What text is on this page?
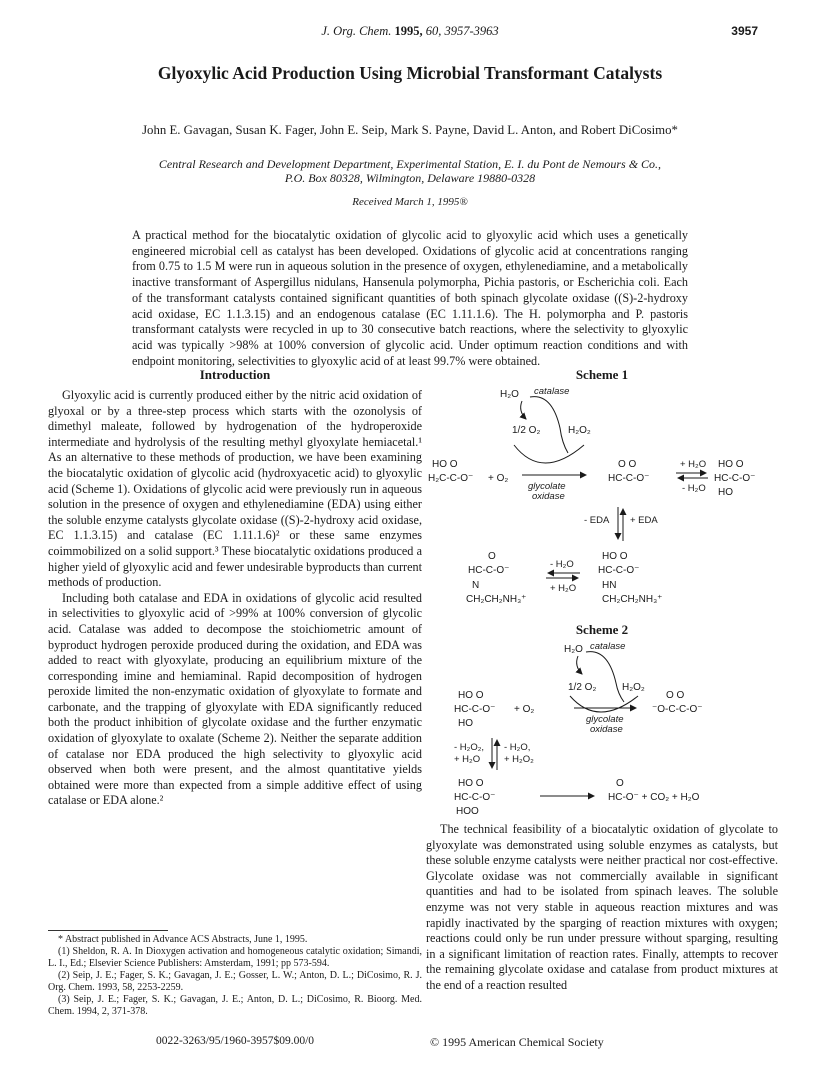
J. Org. Chem. 1995, 60, 3957-3963	3957
Glyoxylic Acid Production Using Microbial Transformant Catalysts
John E. Gavagan, Susan K. Fager, John E. Seip, Mark S. Payne, David L. Anton, and Robert DiCosimo*
Central Research and Development Department, Experimental Station, E. I. du Pont de Nemours & Co.,
P.O. Box 80328, Wilmington, Delaware 19880-0328
Received March 1, 1995®
A practical method for the biocatalytic oxidation of glycolic acid to glyoxylic acid which uses a genetically engineered microbial cell as catalyst has been developed. Oxidations of glycolic acid at concentrations ranging from 0.75 to 1.5 M were run in aqueous solution in the presence of oxygen, ethylenediamine, and a metabolically inactive transformant of Aspergillus nidulans, Hansenula polymorpha, Pichia pastoris, or Escherichia coli. Each of the transformant catalysts contained significant quantities of both spinach glycolate oxidase ((S)-2-hydroxy acid oxidase, EC 1.1.3.15) and an endogenous catalase (EC 1.11.1.6). The H. polymorpha and P. pastoris transformant catalysts were recycled in up to 30 consecutive batch reactions, where the selectivity to glyoxylic acid was typically >98% at 100% conversion of glycolic acid. Under optimum reaction conditions and with endpoint monitoring, selectivities to glyoxylic acid of at least 99.7% were obtained.
Introduction

Glyoxylic acid is currently produced either by the nitric acid oxidation of glyoxal or by a three-step process which starts with the ozonolysis of dimethyl maleate, followed by hydrogenation of the hydroperoxide intermediate and hydrolysis of the resulting methyl glyoxylate hemiacetal.¹ As an alternative to these methods of production, we have been examining the biocatalytic oxidation of glycolic acid (hydroxyacetic acid) to glyoxylic acid (Scheme 1). Oxidations of glycolic acid were previously run in aqueous solution in the presence of oxygen and ethylenediamine (EDA) using either the soluble enzyme catalysts glycolate oxidase ((S)-2-hydroxy acid oxidase, EC 1.1.3.15) and catalase (EC 1.11.1.6)² or these same enzymes coimmobilized on a solid support.³ These biocatalytic oxidations produced a higher yield of glyoxylic acid and fewer undesirable byproducts than current methods of production.

Including both catalase and EDA in oxidations of glycolic acid resulted in selectivities to glyoxylic acid of >99% at 100% conversion of glycolic acid. Catalase was added to decompose the stoichiometric amount of byproduct hydrogen peroxide produced during the oxidation, and EDA was added to react with glyoxylate, producing an equilibrium mixture of the corresponding imine and hemiaminal. Rapid decomposition of hydrogen peroxide limited the non-enzymatic oxidation of glyoxylate to formate and carbonate, and the trapping of glyoxylate with EDA significantly reduced both the product inhibition of glycolate oxidase and the further enzymatic oxidation of glyoxylate to oxalate (Scheme 2). Neither the separate addition of catalase nor EDA produced the high selectivity to glyoxylic acid observed when both were present, and the almost quantitative yields obtained were more than expected from a simple additive effect of using catalase or EDA alone.²

* Abstract published in Advance ACS Abstracts, June 1, 1995.
(1) Sheldon, R. A. In Dioxygen activation and homogeneous catalytic oxidation; Simandi, L. I., Ed.; Elsevier Science Publishers: Amsterdam, 1991; pp 573-594.
(2) Seip, J. E.; Fager, S. K.; Gavagan, J. E.; Gosser, L. W.; Anton, D. L.; DiCosimo, R. J. Org. Chem. 1993, 58, 2253-2259.
(3) Seip, J. E.; Fager, S. K.; Gavagan, J. E.; Anton, D. L.; DiCosimo, R. Bioorg. Med. Chem. 1994, 2, 371-378.
Scheme 1
H₂O catalase
1/2 O₂	H₂O₂
HO O
H₂C-C-O⁻ + O₂
glycolate
oxidase
O O
HC-C-O⁻
+ H₂O
- H₂O
HO O
HC-C-O⁻
HO
- EDA + EDA
O
HC-C-O⁻
N
CH₂CH₂NH₃⁺
- H₂O
+ H₂O
HO O
HC-C-O⁻
HN
CH₂CH₂NH₃⁺
Scheme 2
H₂O catalase
1/2 O₂	H₂O₂
HO O
HC-C-O⁻
HO
+ O₂
glycolate
oxidase
O O
⁻O-C-C-O⁻
- H₂O₂,
+ H₂O
- H₂O,
+ H₂O₂
HO O
HC-C-O⁻
HOO
O
HC-O⁻ + CO₂ + H₂O

The technical feasibility of a biocatalytic oxidation of glycolate to glyoxylate was demonstrated using soluble enzymes as catalysts, but these soluble enzyme catalysts were neither practical nor cost-effective. Glycolate oxidase was not commercially available in significant quantities and had to be isolated from spinach leaves. The soluble enzyme was not very stable in aqueous reaction mixtures and was rapidly inactivated by the sparging of reaction mixtures with oxygen; reactions could only be run under pressure without sparging, resulting in a significant limitation of reaction rates. Finally, attempts to recover the remaining glycolate oxidase and catalase from product mixtures at the end of a reaction resulted

0022-3263/95/1960-3957$09.00/0	© 1995 American Chemical Society
